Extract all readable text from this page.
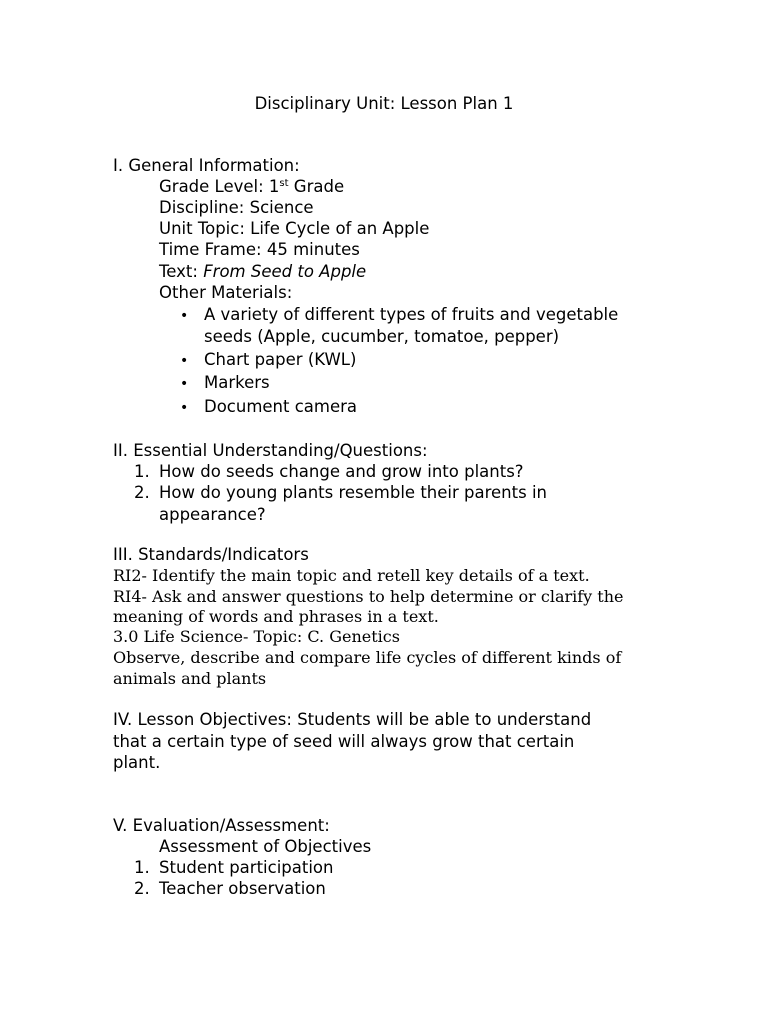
Disciplinary Unit: Lesson Plan 1
I. General Information:
Grade Level: 1st Grade
Discipline: Science
Unit Topic: Life Cycle of an Apple
Time Frame: 45 minutes
Text: From Seed to Apple
Other Materials:
• A variety of different types of fruits and vegetable
seeds (Apple, cucumber, tomatoe, pepper)
• Chart paper (KWL)
• Markers
• Document camera
II. Essential Understanding/Questions:
1. How do seeds change and grow into plants?
2. How do young plants resemble their parents in
appearance?
III. Standards/Indicators
RI2- Identify the main topic and retell key details of a text.
RI4- Ask and answer questions to help determine or clarify the
meaning of words and phrases in a text.
3.0 Life Science- Topic: C. Genetics
Observe, describe and compare life cycles of different kinds of
animals and plants
IV. Lesson Objectives: Students will be able to understand
that a certain type of seed will always grow that certain
plant.
V. Evaluation/Assessment:
Assessment of Objectives
1. Student participation
2. Teacher observation
